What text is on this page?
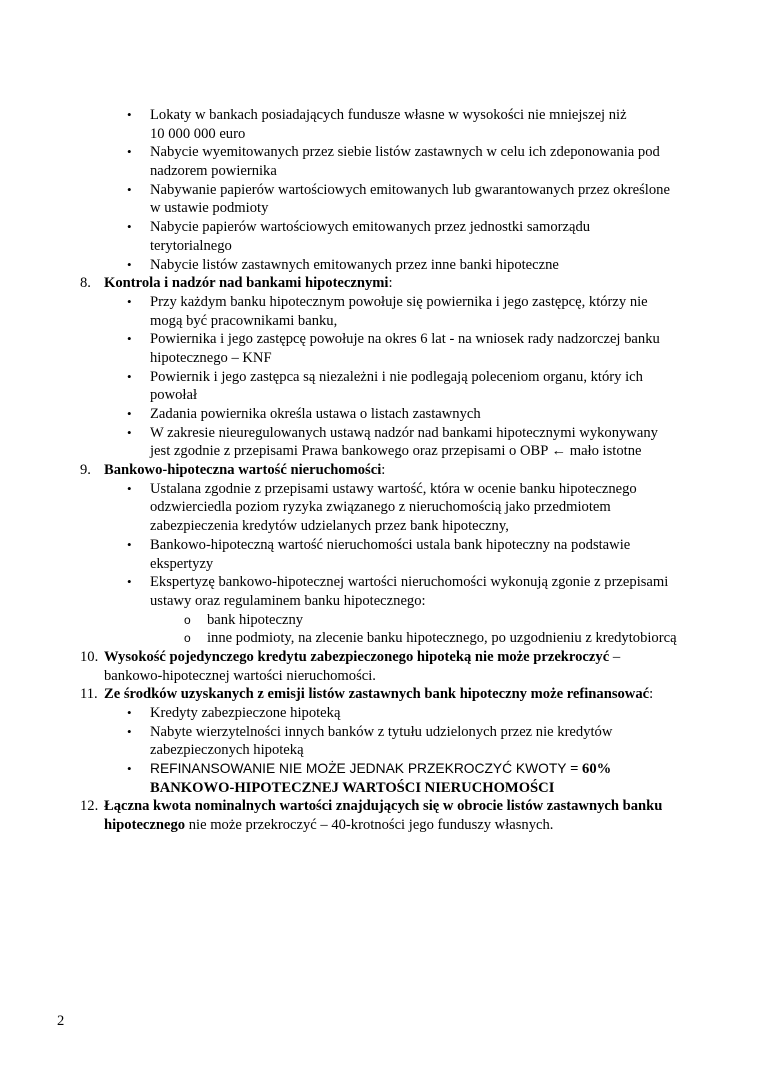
• Lokaty w bankach posiadających fundusze własne w wysokości nie mniejszej niż
10 000 000 euro
• Nabycie wyemitowanych przez siebie listów zastawnych w celu ich zdeponowania pod
nadzorem powiernika
• Nabywanie papierów wartościowych emitowanych lub gwarantowanych przez określone
w ustawie podmioty
• Nabycie papierów wartościowych emitowanych przez jednostki samorządu
terytorialnego
• Nabycie listów zastawnych emitowanych przez inne banki hipoteczne
8. Kontrola i nadzór nad bankami hipotecznymi:
• Przy każdym banku hipotecznym powołuje się powiernika i jego zastępcę, którzy nie
mogą być pracownikami banku,
• Powiernika i jego zastępcę powołuje na okres 6 lat - na wniosek rady nadzorczej banku
hipotecznego – KNF
• Powiernik i jego zastępca są niezależni i nie podlegają poleceniom organu, który ich
powołał
• Zadania powiernika określa ustawa o listach zastawnych
• W zakresie nieuregulowanych ustawą nadzór nad bankami hipotecznymi wykonywany
jest zgodnie z przepisami Prawa bankowego oraz przepisami o OBP ← mało istotne
9. Bankowo-hipoteczna wartość nieruchomości:
• Ustalana zgodnie z przepisami ustawy wartość, która w ocenie banku hipotecznego
odzwierciedla poziom ryzyka związanego z nieruchomością jako przedmiotem
zabezpieczenia kredytów udzielanych przez bank hipoteczny,
• Bankowo-hipoteczną wartość nieruchomości ustala bank hipoteczny na podstawie
ekspertyzy
• Ekspertyzę bankowo-hipotecznej wartości nieruchomości wykonują zgonie z przepisami
ustawy oraz regulaminem banku hipotecznego:
o bank hipoteczny
o inne podmioty, na zlecenie banku hipotecznego, po uzgodnieniu z kredytobiorcą
10. Wysokość pojedynczego kredytu zabezpieczonego hipoteką nie może przekroczyć –
bankowo-hipotecznej wartości nieruchomości.
11. Ze środków uzyskanych z emisji listów zastawnych bank hipoteczny może refinansować:
• Kredyty zabezpieczone hipoteką
• Nabyte wierzytelności innych banków z tytułu udzielonych przez nie kredytów
zabezpieczonych hipoteką
• REFINANSOWANIE NIE MOŻE JEDNAK PRZEKROCZYĆ KWOTY = 60%
BANKOWO-HIPOTECZNEJ WARTOŚCI NIERUCHOMOŚCI
12. Łączna kwota nominalnych wartości znajdujących się w obrocie listów zastawnych banku
hipotecznego nie może przekroczyć – 40-krotności jego funduszy własnych.
2
